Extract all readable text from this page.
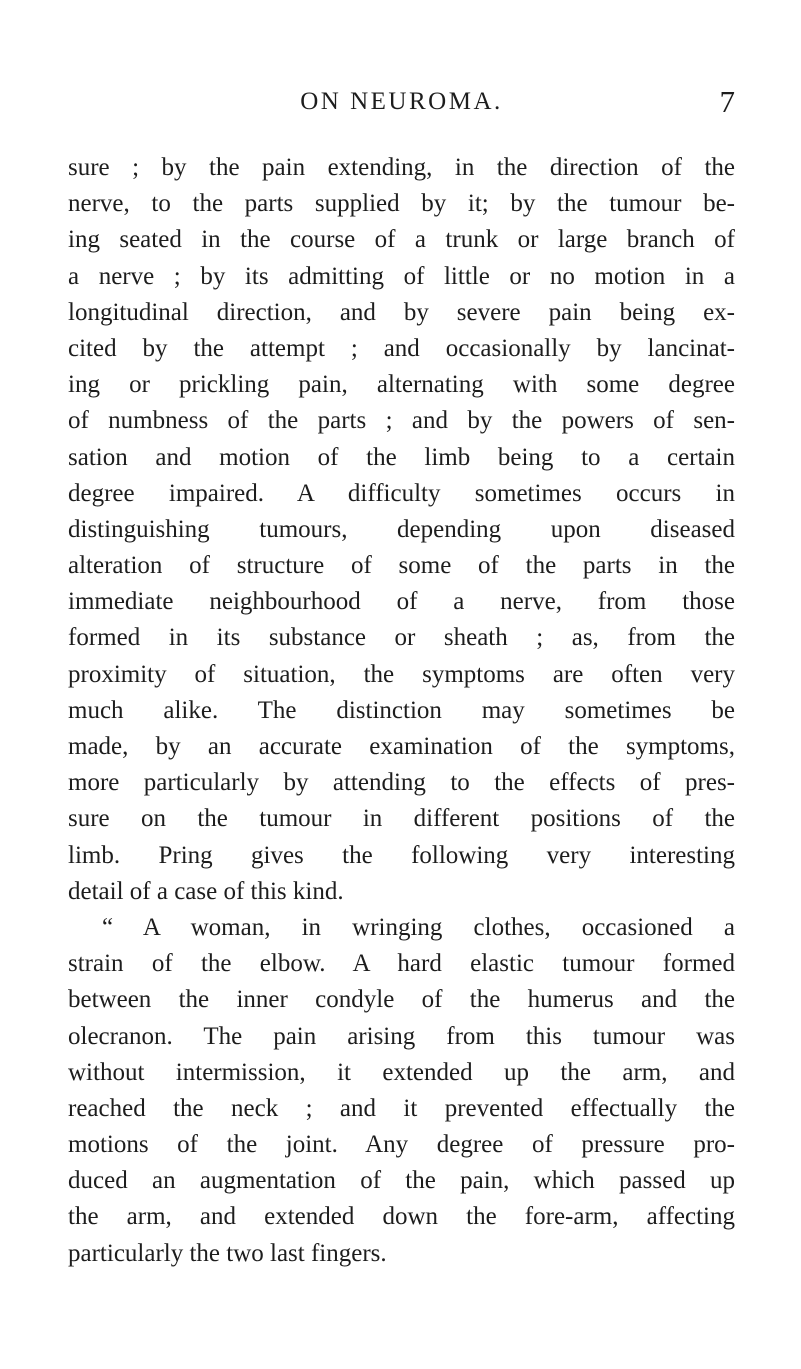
ON NEUROMA.	7
sure ; by the pain extending, in the direction of the
nerve, to the parts supplied by it; by the tumour be-
ing seated in the course of a trunk or large branch of
a nerve ; by its admitting of little or no motion in a
longitudinal direction, and by severe pain being ex-
cited by the attempt ; and occasionally by lancinat-
ing or prickling pain, alternating with some degree
of numbness of the parts ; and by the powers of sen-
sation and motion of the limb being to a certain
degree impaired. A difficulty sometimes occurs in
distinguishing tumours, depending upon diseased
alteration of structure of some of the parts in the
immediate neighbourhood of a nerve, from those
formed in its substance or sheath ; as, from the
proximity of situation, the symptoms are often very
much alike. The distinction may sometimes be
made, by an accurate examination of the symptoms,
more particularly by attending to the effects of pres-
sure on the tumour in different positions of the
limb. Pring gives the following very interesting
detail of a case of this kind.
“ A woman, in wringing clothes, occasioned a
strain of the elbow. A hard elastic tumour formed
between the inner condyle of the humerus and the
olecranon. The pain arising from this tumour was
without intermission, it extended up the arm, and
reached the neck ; and it prevented effectually the
motions of the joint. Any degree of pressure pro-
duced an augmentation of the pain, which passed up
the arm, and extended down the fore-arm, affecting
particularly the two last fingers.
